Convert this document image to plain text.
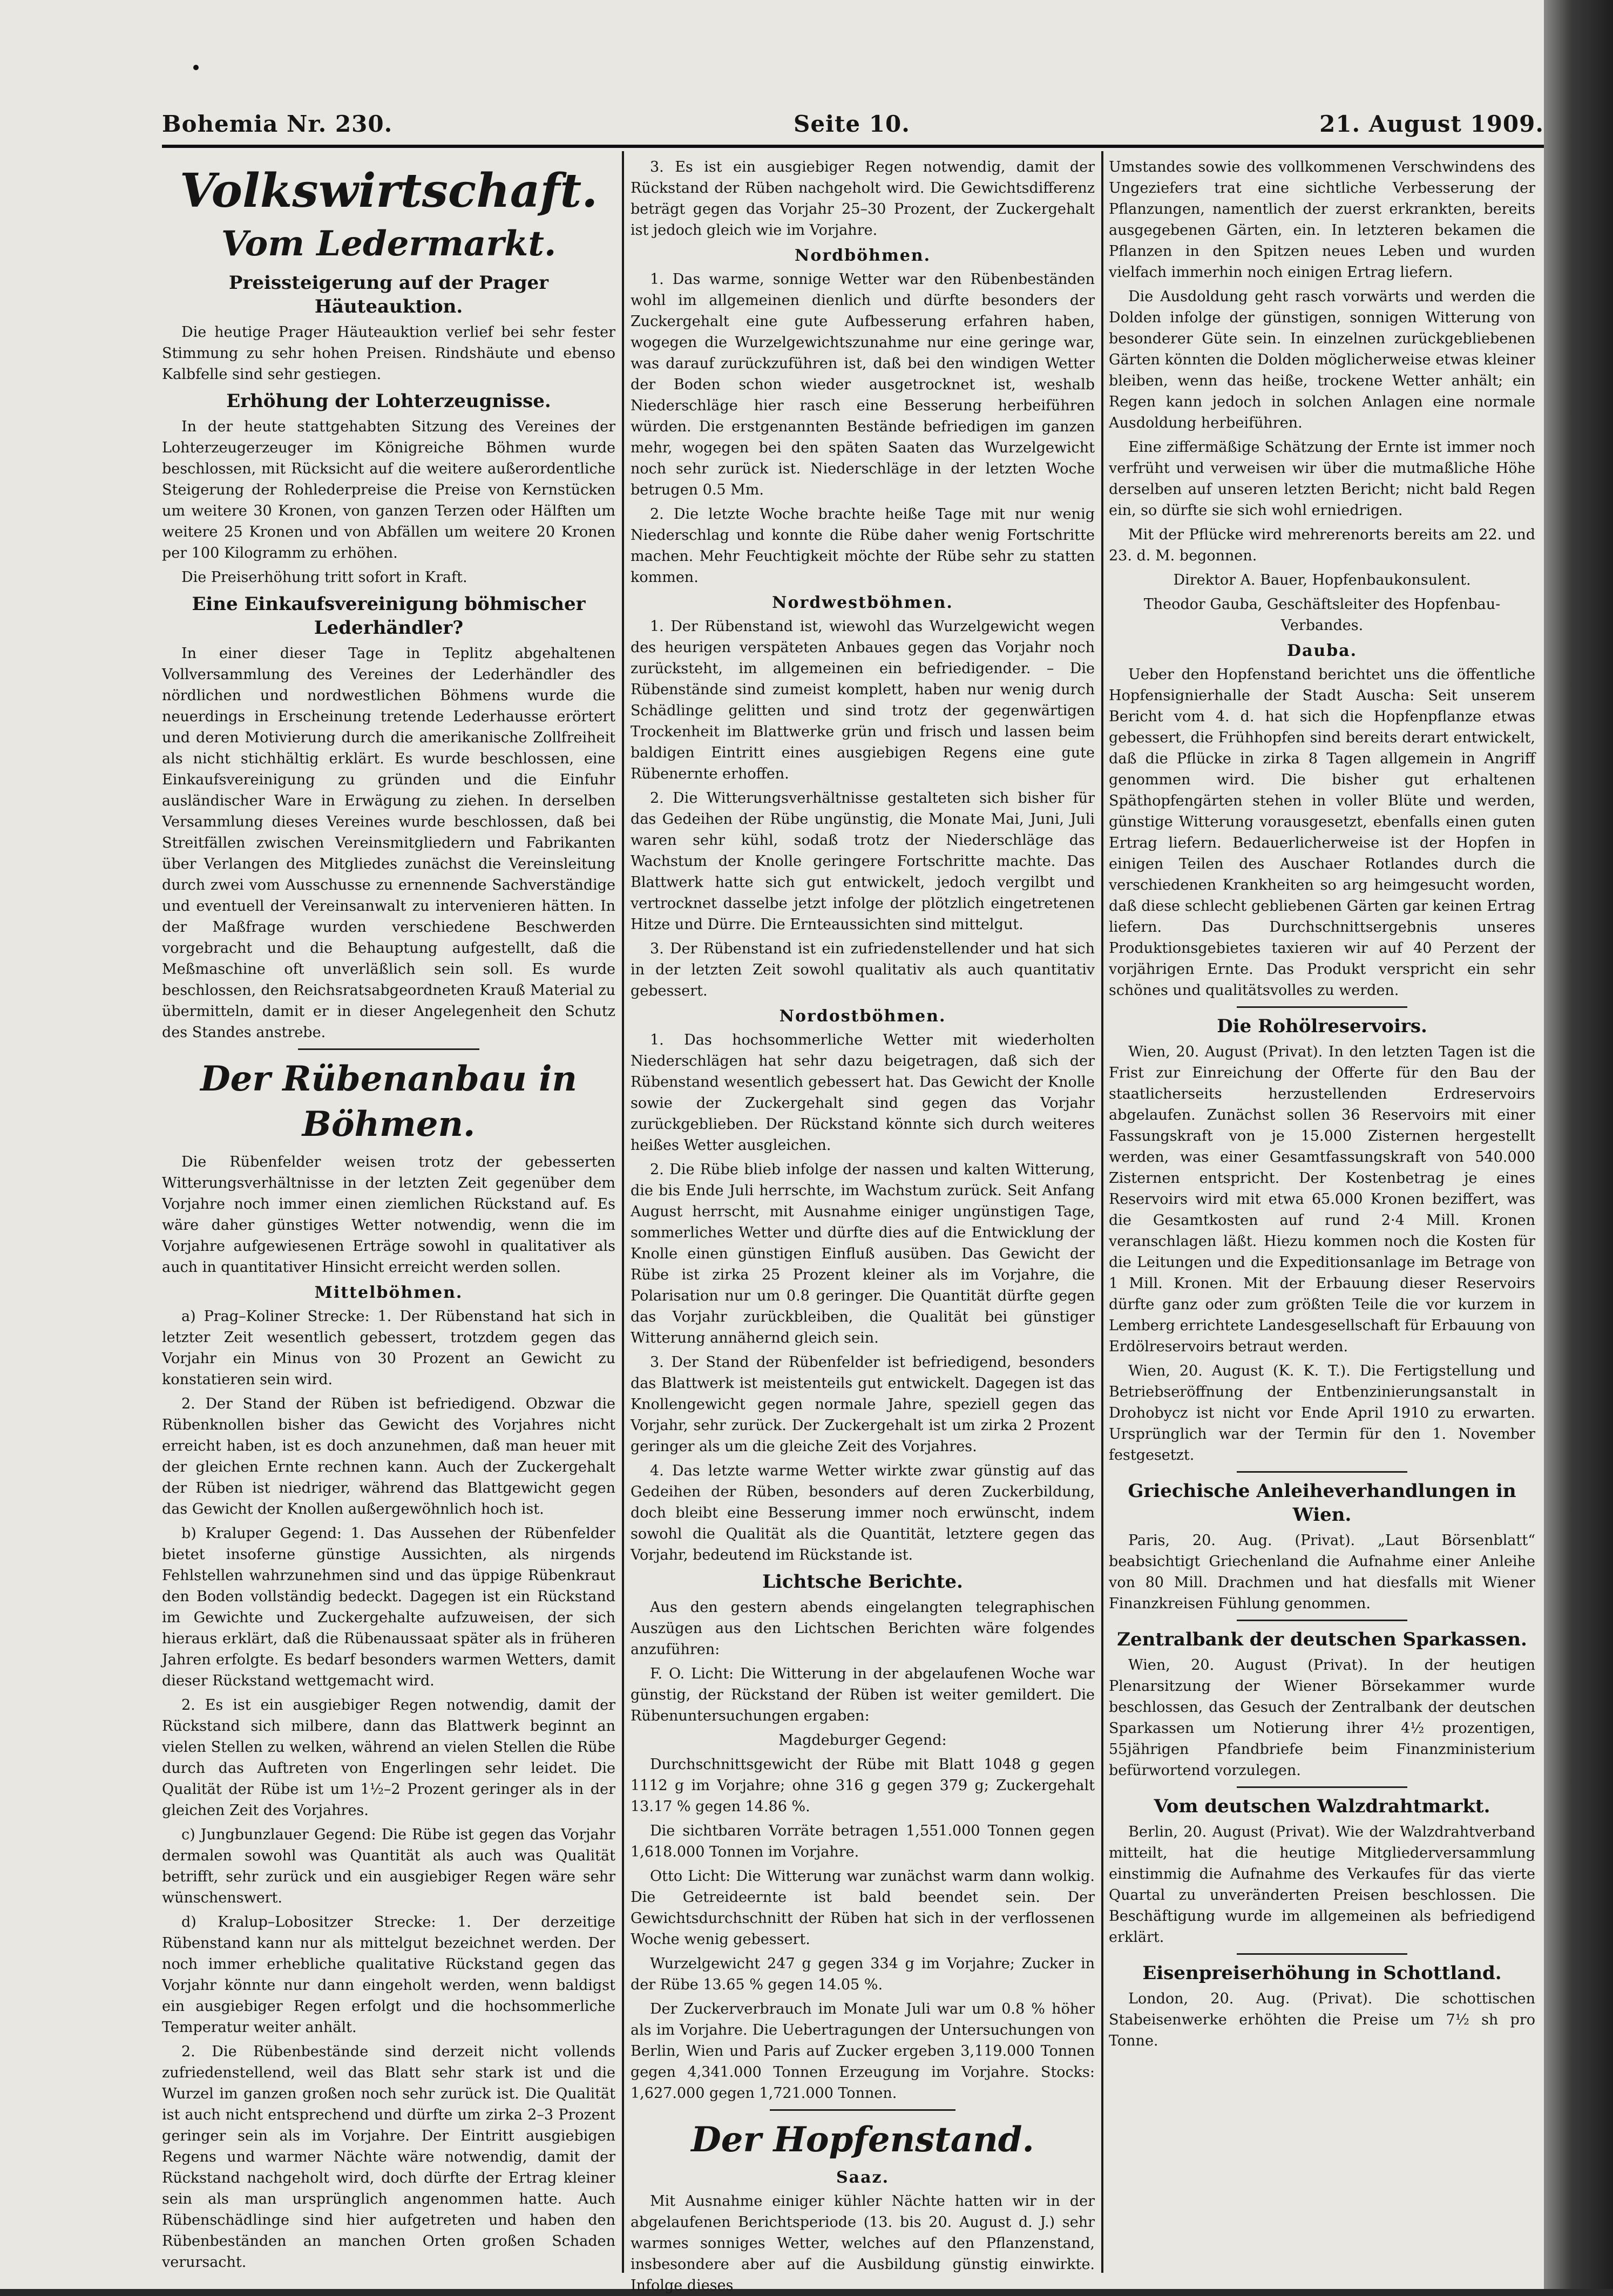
Bohemia Nr. 230.	Seite 10.	21. August 1909.
Volkswirtschaft.
Vom Ledermarkt.
Preissteigerung auf der Prager Häuteauktion.

Die heutige Prager Häuteauktion verlief bei sehr fester Stimmung zu sehr hohen Preisen. Rindshäute und ebenso Kalbfelle sind sehr gestiegen.

Erhöhung der Lohterzeugnisse.

In der heute stattgehabten Sitzung des Vereines der Lohterzeugerzeuger im Königreiche Böhmen wurde beschlossen, mit Rücksicht auf die weitere außerordentliche Steigerung der Rohlederpreise die Preise von Kernstücken um weitere 30 Kronen, von ganzen Terzen oder Hälften um weitere 25 Kronen und von Abfällen um weitere 20 Kronen per 100 Kilogramm zu erhöhen.

Die Preiserhöhung tritt sofort in Kraft.

Eine Einkaufsvereinigung böhmischer Lederhändler?

In einer dieser Tage in Teplitz abgehaltenen Vollversammlung des Vereines der Lederhändler des nördlichen und nordwestlichen Böhmens wurde die neuerdings in Erscheinung tretende Lederhausse erörtert und deren Motivierung durch die amerikanische Zollfreiheit als nicht stichhältig erklärt. Es wurde beschlossen, eine Einkaufsvereinigung zu gründen und die Einfuhr ausländischer Ware in Erwägung zu ziehen. In derselben Versammlung dieses Vereines wurde beschlossen, daß bei Streitfällen zwischen Vereinsmitgliedern und Fabrikanten über Verlangen des Mitgliedes zunächst die Vereinsleitung durch zwei vom Ausschusse zu ernennende Sachverständige und eventuell der Vereinsanwalt zu intervenieren hätten. In der Maßfrage wurden verschiedene Beschwerden vorgebracht und die Behauptung aufgestellt, daß die Meßmaschine oft unverläßlich sein soll. Es wurde beschlossen, den Reichsratsabgeordneten Krauß Material zu übermitteln, damit er in dieser Angelegenheit den Schutz des Standes anstrebe.

Der Rübenanbau in Böhmen.

Die Rübenfelder weisen trotz der gebesserten Witterungsverhältnisse in der letzten Zeit gegenüber dem Vorjahre noch immer einen ziemlichen Rückstand auf. Es wäre daher günstiges Wetter notwendig, wenn die im Vorjahre aufgewiesenen Erträge sowohl in qualitativer als auch in quantitativer Hinsicht erreicht werden sollen.

Mittelböhmen.

a) Prag–Koliner Strecke: 1. Der Rübenstand hat sich in letzter Zeit wesentlich gebessert, trotzdem gegen das Vorjahr ein Minus von 30 Prozent an Gewicht zu konstatieren sein wird.

2. Der Stand der Rüben ist befriedigend. Obzwar die Rübenknollen bisher das Gewicht des Vorjahres nicht erreicht haben, ist es doch anzunehmen, daß man heuer mit der gleichen Ernte rechnen kann. Auch der Zuckergehalt der Rüben ist niedriger, während das Blattgewicht gegen das Gewicht der Knollen außergewöhnlich hoch ist.

b) Kraluper Gegend: 1. Das Aussehen der Rübenfelder bietet insoferne günstige Aussichten, als nirgends Fehlstellen wahrzunehmen sind und das üppige Rübenkraut den Boden vollständig bedeckt. Dagegen ist ein Rückstand im Gewichte und Zuckergehalte aufzuweisen, der sich hieraus erklärt, daß die Rübenaussaat später als in früheren Jahren erfolgte. Es bedarf besonders warmen Wetters, damit dieser Rückstand wettgemacht wird.

2. Es ist ein ausgiebiger Regen notwendig, damit der Rückstand sich milbere, dann das Blattwerk beginnt an vielen Stellen zu welken, während an vielen Stellen die Rübe durch das Auftreten von Engerlingen sehr leidet. Die Qualität der Rübe ist um 1½–2 Prozent geringer als in der gleichen Zeit des Vorjahres.

c) Jungbunzlauer Gegend: Die Rübe ist gegen das Vorjahr dermalen sowohl was Quantität als auch was Qualität betrifft, sehr zurück und ein ausgiebiger Regen wäre sehr wünschenswert.

d) Kralup–Lobositzer Strecke: 1. Der derzeitige Rübenstand kann nur als mittelgut bezeichnet werden. Der noch immer erhebliche qualitative Rückstand gegen das Vorjahr könnte nur dann eingeholt werden, wenn baldigst ein ausgiebiger Regen erfolgt und die hochsommerliche Temperatur weiter anhält.

2. Die Rübenbestände sind derzeit nicht vollends zufriedenstellend, weil das Blatt sehr stark ist und die Wurzel im ganzen großen noch sehr zurück ist. Die Qualität ist auch nicht entsprechend und dürfte um zirka 2–3 Prozent geringer sein als im Vorjahre. Der Eintritt ausgiebigen Regens und warmer Nächte wäre notwendig, damit der Rückstand nachgeholt wird, doch dürfte der Ertrag kleiner sein als man ursprünglich angenommen hatte. Auch Rübenschädlinge sind hier aufgetreten und haben den Rübenbeständen an manchen Orten großen Schaden verursacht.

3. Es ist ein ausgiebiger Regen notwendig, damit der Rückstand der Rüben nachgeholt wird. Die Gewichtsdifferenz beträgt gegen das Vorjahr 25–30 Prozent, der Zuckergehalt ist jedoch gleich wie im Vorjahre.

Nordböhmen.

1. Das warme, sonnige Wetter war den Rübenbeständen wohl im allgemeinen dienlich und dürfte besonders der Zuckergehalt eine gute Aufbesserung erfahren haben, wogegen die Wurzelgewichtszunahme nur eine geringe war, was darauf zurückzuführen ist, daß bei den windigen Wetter der Boden schon wieder ausgetrocknet ist, weshalb Niederschläge hier rasch eine Besserung herbeiführen würden. Die erstgenannten Bestände befriedigen im ganzen mehr, wogegen bei den späten Saaten das Wurzelgewicht noch sehr zurück ist. Niederschläge in der letzten Woche betrugen 0.5 Mm.

2. Die letzte Woche brachte heiße Tage mit nur wenig Niederschlag und konnte die Rübe daher wenig Fortschritte machen. Mehr Feuchtigkeit möchte der Rübe sehr zu statten kommen.

Nordwestböhmen.

1. Der Rübenstand ist, wiewohl das Wurzelgewicht wegen des heurigen verspäteten Anbaues gegen das Vorjahr noch zurücksteht, im allgemeinen ein befriedigender. – Die Rübenstände sind zumeist komplett, haben nur wenig durch Schädlinge gelitten und sind trotz der gegenwärtigen Trockenheit im Blattwerke grün und frisch und lassen beim baldigen Eintritt eines ausgiebigen Regens eine gute Rübenernte erhoffen.

2. Die Witterungsverhältnisse gestalteten sich bisher für das Gedeihen der Rübe ungünstig, die Monate Mai, Juni, Juli waren sehr kühl, sodaß trotz der Niederschläge das Wachstum der Knolle geringere Fortschritte machte. Das Blattwerk hatte sich gut entwickelt, jedoch vergilbt und vertrocknet dasselbe jetzt infolge der plötzlich eingetretenen Hitze und Dürre. Die Ernteaussichten sind mittelgut.

3. Der Rübenstand ist ein zufriedenstellender und hat sich in der letzten Zeit sowohl qualitativ als auch quantitativ gebessert.

Nordostböhmen.

1. Das hochsommerliche Wetter mit wiederholten Niederschlägen hat sehr dazu beigetragen, daß sich der Rübenstand wesentlich gebessert hat. Das Gewicht der Knolle sowie der Zuckergehalt sind gegen das Vorjahr zurückgeblieben. Der Rückstand könnte sich durch weiteres heißes Wetter ausgleichen.

2. Die Rübe blieb infolge der nassen und kalten Witterung, die bis Ende Juli herrschte, im Wachstum zurück. Seit Anfang August herrscht, mit Ausnahme einiger ungünstigen Tage, sommerliches Wetter und dürfte dies auf die Entwicklung der Knolle einen günstigen Einfluß ausüben. Das Gewicht der Rübe ist zirka 25 Prozent kleiner als im Vorjahre, die Polarisation nur um 0.8 geringer. Die Quantität dürfte gegen das Vorjahr zurückbleiben, die Qualität bei günstiger Witterung annähernd gleich sein.

3. Der Stand der Rübenfelder ist befriedigend, besonders das Blattwerk ist meistenteils gut entwickelt. Dagegen ist das Knollengewicht gegen normale Jahre, speziell gegen das Vorjahr, sehr zurück. Der Zuckergehalt ist um zirka 2 Prozent geringer als um die gleiche Zeit des Vorjahres.

4. Das letzte warme Wetter wirkte zwar günstig auf das Gedeihen der Rüben, besonders auf deren Zuckerbildung, doch bleibt eine Besserung immer noch erwünscht, indem sowohl die Qualität als die Quantität, letztere gegen das Vorjahr, bedeutend im Rückstande ist.

Lichtsche Berichte.

Aus den gestern abends eingelangten telegraphischen Auszügen aus den Lichtschen Berichten wäre folgendes anzuführen:

F. O. Licht: Die Witterung in der abgelaufenen Woche war günstig, der Rückstand der Rüben ist weiter gemildert. Die Rübenuntersuchungen ergaben:

Magdeburger Gegend:

Durchschnittsgewicht der Rübe mit Blatt 1048 g gegen 1112 g im Vorjahre; ohne 316 g gegen 379 g; Zuckergehalt 13.17 % gegen 14.86 %.

Die sichtbaren Vorräte betragen 1,551.000 Tonnen gegen 1,618.000 Tonnen im Vorjahre.

Otto Licht: Die Witterung war zunächst warm dann wolkig. Die Getreideernte ist bald beendet sein. Der Gewichtsdurchschnitt der Rüben hat sich in der verflossenen Woche wenig gebessert.

Wurzelgewicht 247 g gegen 334 g im Vorjahre; Zucker in der Rübe 13.65 % gegen 14.05 %.

Der Zuckerverbrauch im Monate Juli war um 0.8 % höher als im Vorjahre. Die Uebertragungen der Untersuchungen von Berlin, Wien und Paris auf Zucker ergeben 3,119.000 Tonnen gegen 4,341.000 Tonnen Erzeugung im Vorjahre. Stocks: 1,627.000 gegen 1,721.000 Tonnen.

Der Hopfenstand.
Saaz.

Mit Ausnahme einiger kühler Nächte hatten wir in der abgelaufenen Berichtsperiode (13. bis 20. August d. J.) sehr warmes sonniges Wetter, welches auf den Pflanzenstand, insbesondere aber auf die Ausbildung günstig einwirkte. Infolge dieses

Umstandes sowie des vollkommenen Verschwindens des Ungeziefers trat eine sichtliche Verbesserung der Pflanzungen, namentlich der zuerst erkrankten, bereits ausgegebenen Gärten, ein. In letzteren bekamen die Pflanzen in den Spitzen neues Leben und wurden vielfach immerhin noch einigen Ertrag liefern.

Die Ausdoldung geht rasch vorwärts und werden die Dolden infolge der günstigen, sonnigen Witterung von besonderer Güte sein. In einzelnen zurückgebliebenen Gärten könnten die Dolden möglicherweise etwas kleiner bleiben, wenn das heiße, trockene Wetter anhält; ein Regen kann jedoch in solchen Anlagen eine normale Ausdoldung herbeiführen.

Eine ziffermäßige Schätzung der Ernte ist immer noch verfrüht und verweisen wir über die mutmaßliche Höhe derselben auf unseren letzten Bericht; nicht bald Regen ein, so dürfte sie sich wohl erniedrigen.

Mit der Pflücke wird mehrerenorts bereits am 22. und 23. d. M. begonnen.

Direktor A. Bauer, Hopfenbaukonsulent.

Theodor Gauba, Geschäftsleiter des Hopfenbau-Verbandes.

Dauba.

Ueber den Hopfenstand berichtet uns die öffentliche Hopfensignierhalle der Stadt Auscha: Seit unserem Bericht vom 4. d. hat sich die Hopfenpflanze etwas gebessert, die Frühhopfen sind bereits derart entwickelt, daß die Pflücke in zirka 8 Tagen allgemein in Angriff genommen wird. Die bisher gut erhaltenen Späthopfengärten stehen in voller Blüte und werden, günstige Witterung vorausgesetzt, ebenfalls einen guten Ertrag liefern. Bedauerlicherweise ist der Hopfen in einigen Teilen des Auschaer Rotlandes durch die verschiedenen Krankheiten so arg heimgesucht worden, daß diese schlecht gebliebenen Gärten gar keinen Ertrag liefern. Das Durchschnittsergebnis unseres Produktionsgebietes taxieren wir auf 40 Perzent der vorjährigen Ernte. Das Produkt verspricht ein sehr schönes und qualitätsvolles zu werden.

Die Rohölreservoirs.

Wien, 20. August (Privat). In den letzten Tagen ist die Frist zur Einreichung der Offerte für den Bau der staatlicherseits herzustellenden Erdreservoirs abgelaufen. Zunächst sollen 36 Reservoirs mit einer Fassungskraft von je 15.000 Zisternen hergestellt werden, was einer Gesamtfassungskraft von 540.000 Zisternen entspricht. Der Kostenbetrag je eines Reservoirs wird mit etwa 65.000 Kronen beziffert, was die Gesamtkosten auf rund 2·4 Mill. Kronen veranschlagen läßt. Hiezu kommen noch die Kosten für die Leitungen und die Expeditionsanlage im Betrage von 1 Mill. Kronen. Mit der Erbauung dieser Reservoirs dürfte ganz oder zum größten Teile die vor kurzem in Lemberg errichtete Landesgesellschaft für Erbauung von Erdölreservoirs betraut werden.

Wien, 20. August (K. K. T.). Die Fertigstellung und Betriebseröffnung der Entbenzinierungsanstalt in Drohobycz ist nicht vor Ende April 1910 zu erwarten. Ursprünglich war der Termin für den 1. November festgesetzt.

Griechische Anleiheverhandlungen in Wien.

Paris, 20. Aug. (Privat). „Laut Börsenblatt“ beabsichtigt Griechenland die Aufnahme einer Anleihe von 80 Mill. Drachmen und hat diesfalls mit Wiener Finanzkreisen Fühlung genommen.

Zentralbank der deutschen Sparkassen.

Wien, 20. August (Privat). In der heutigen Plenarsitzung der Wiener Börsekammer wurde beschlossen, das Gesuch der Zentralbank der deutschen Sparkassen um Notierung ihrer 4½ prozentigen, 55jährigen Pfandbriefe beim Finanzministerium befürwortend vorzulegen.

Vom deutschen Walzdrahtmarkt.

Berlin, 20. August (Privat). Wie der Walzdrahtverband mitteilt, hat die heutige Mitgliederversammlung einstimmig die Aufnahme des Verkaufes für das vierte Quartal zu unveränderten Preisen beschlossen. Die Beschäftigung wurde im allgemeinen als befriedigend erklärt.

Eisenpreiserhöhung in Schottland.

London, 20. Aug. (Privat). Die schottischen Stabeisenwerke erhöhten die Preise um 7½ sh pro Tonne.
